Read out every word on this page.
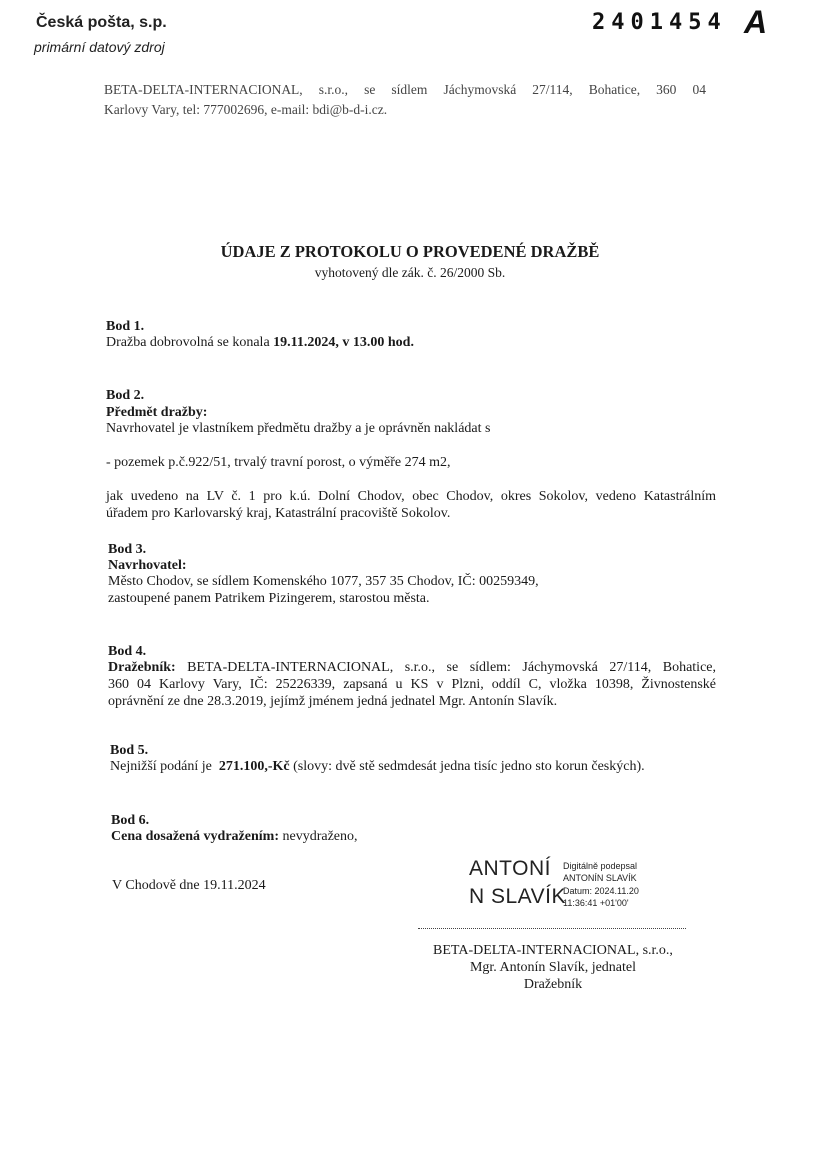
Česká pošta, s.p.
primární datový zdroj
2401454 A
BETA-DELTA-INTERNACIONAL, s.r.o., se sídlem Jáchymovská 27/114, Bohatice, 360 04
Karlovy Vary, tel: 777002696, e-mail: bdi@b-d-i.cz.
ÚDAJE Z PROTOKOLU O PROVEDENÉ DRAŽBĚ
vyhotovený dle zák. č. 26/2000 Sb.
Bod 1.
Dražba dobrovolná se konala 19.11.2024, v 13.00 hod.
Bod 2.
Předmět dražby:
Navrhovatel je vlastníkem předmětu dražby a je oprávněn nakládat s
- pozemek p.č.922/51, trvalý travní porost, o výměře 274 m2,
jak uvedeno na LV č. 1 pro k.ú. Dolní Chodov, obec Chodov, okres Sokolov, vedeno Katastrálním
úřadem pro Karlovarský kraj, Katastrální pracoviště Sokolov.
Bod 3.
Navrhovatel:
Město Chodov, se sídlem Komenského 1077, 357 35 Chodov, IČ: 00259349,
zastoupené panem Patrikem Pizingerem, starostou města.
Bod 4.
Dražebník: BETA-DELTA-INTERNACIONAL, s.r.o., se sídlem: Jáchymovská 27/114, Bohatice,
360 04 Karlovy Vary, IČ: 25226339, zapsaná u KS v Plzni, oddíl C, vložka 10398, Živnostenské
oprávnění ze dne 28.3.2019, jejímž jménem jedná jednatel Mgr. Antonín Slavík.
Bod 5.
Nejnižší podání je 271.100,-Kč (slovy: dvě stě sedmdesát jedna tisíc jedno sto korun českých).
Bod 6.
Cena dosažená vydražením: nevydraženo,
V Chodově dne 19.11.2024
ANTONÍ
N SLAVÍK
Digitálně podepsal
ANTONÍN SLAVÍK
Datum: 2024.11.20
11:36:41 +01'00'
BETA-DELTA-INTERNACIONAL, s.r.o.,
Mgr. Antonín Slavík, jednatel
Dražebník
